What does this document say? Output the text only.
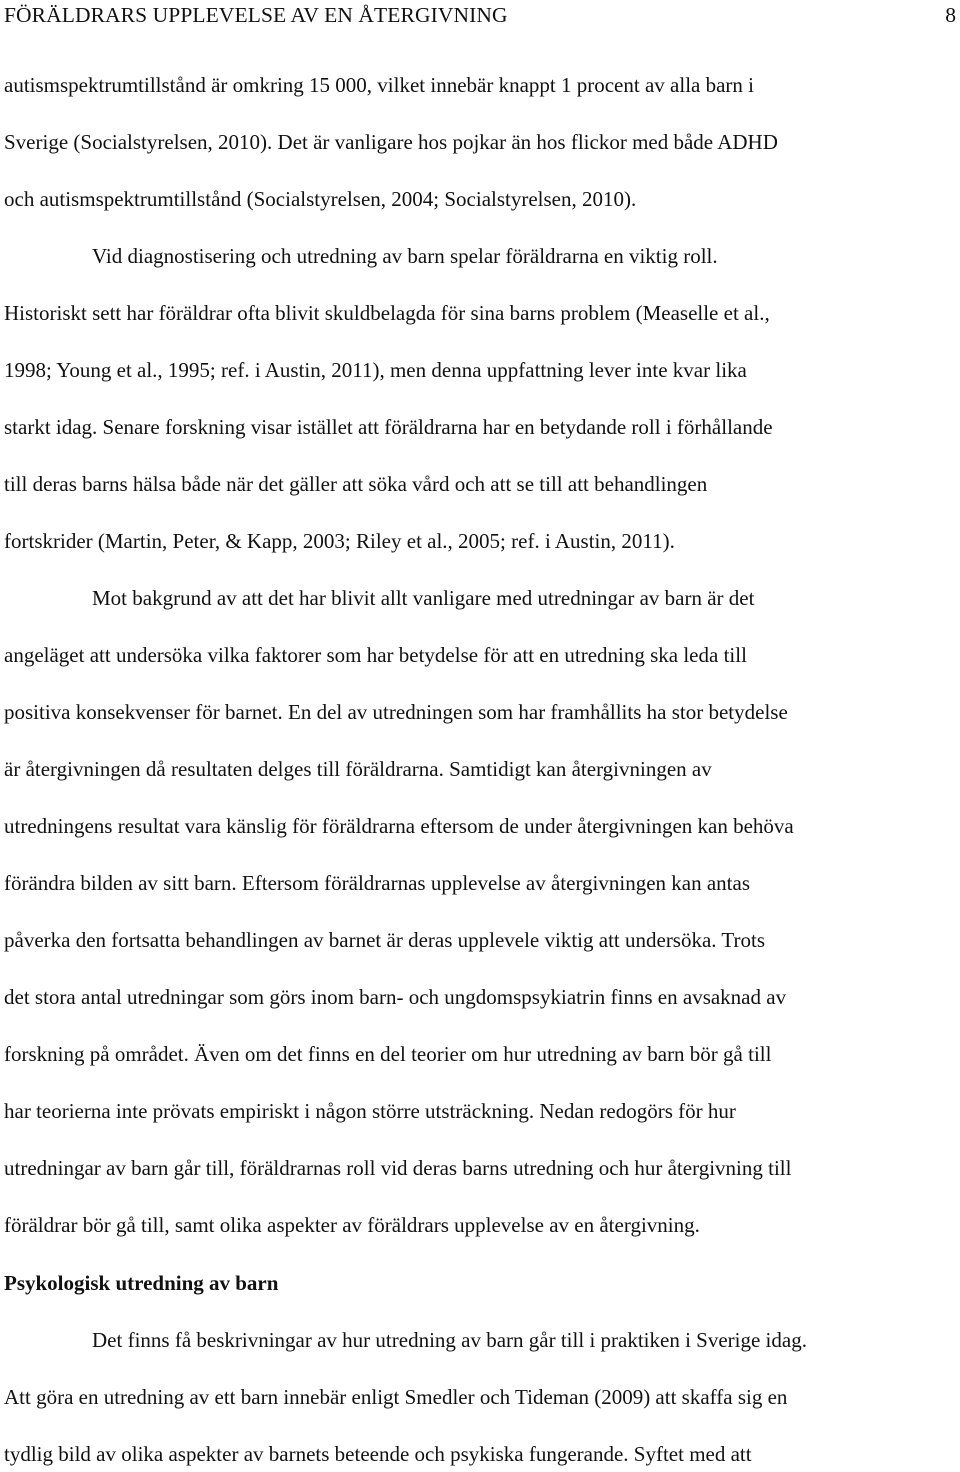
FÖRÄLDRARS UPPLEVELSE AV EN ÅTERGIVNING	8
autismspektrumtillstånd är omkring 15 000, vilket innebär knappt 1 procent av alla barn i
Sverige (Socialstyrelsen, 2010). Det är vanligare hos pojkar än hos flickor med både ADHD
och autismspektrumtillstånd (Socialstyrelsen, 2004; Socialstyrelsen, 2010).
Vid diagnostisering och utredning av barn spelar föräldrarna en viktig roll.
Historiskt sett har föräldrar ofta blivit skuldbelagda för sina barns problem (Measelle et al.,
1998; Young et al., 1995; ref. i Austin, 2011), men denna uppfattning lever inte kvar lika
starkt idag. Senare forskning visar istället att föräldrarna har en betydande roll i förhållande
till deras barns hälsa både när det gäller att söka vård och att se till att behandlingen
fortskrider (Martin, Peter, & Kapp, 2003; Riley et al., 2005; ref. i Austin, 2011).
Mot bakgrund av att det har blivit allt vanligare med utredningar av barn är det
angeläget att undersöka vilka faktorer som har betydelse för att en utredning ska leda till
positiva konsekvenser för barnet. En del av utredningen som har framhållits ha stor betydelse
är återgivningen då resultaten delges till föräldrarna. Samtidigt kan återgivningen av
utredningens resultat vara känslig för föräldrarna eftersom de under återgivningen kan behöva
förändra bilden av sitt barn. Eftersom föräldrarnas upplevelse av återgivningen kan antas
påverka den fortsatta behandlingen av barnet är deras upplevele viktig att undersöka. Trots
det stora antal utredningar som görs inom barn- och ungdomspsykiatrin finns en avsaknad av
forskning på området. Även om det finns en del teorier om hur utredning av barn bör gå till
har teorierna inte prövats empiriskt i någon större utsträckning. Nedan redogörs för hur
utredningar av barn går till, föräldrarnas roll vid deras barns utredning och hur återgivning till
föräldrar bör gå till, samt olika aspekter av föräldrars upplevelse av en återgivning.
Psykologisk utredning av barn
Det finns få beskrivningar av hur utredning av barn går till i praktiken i Sverige idag.
Att göra en utredning av ett barn innebär enligt Smedler och Tideman (2009) att skaffa sig en
tydlig bild av olika aspekter av barnets beteende och psykiska fungerande. Syftet med att
